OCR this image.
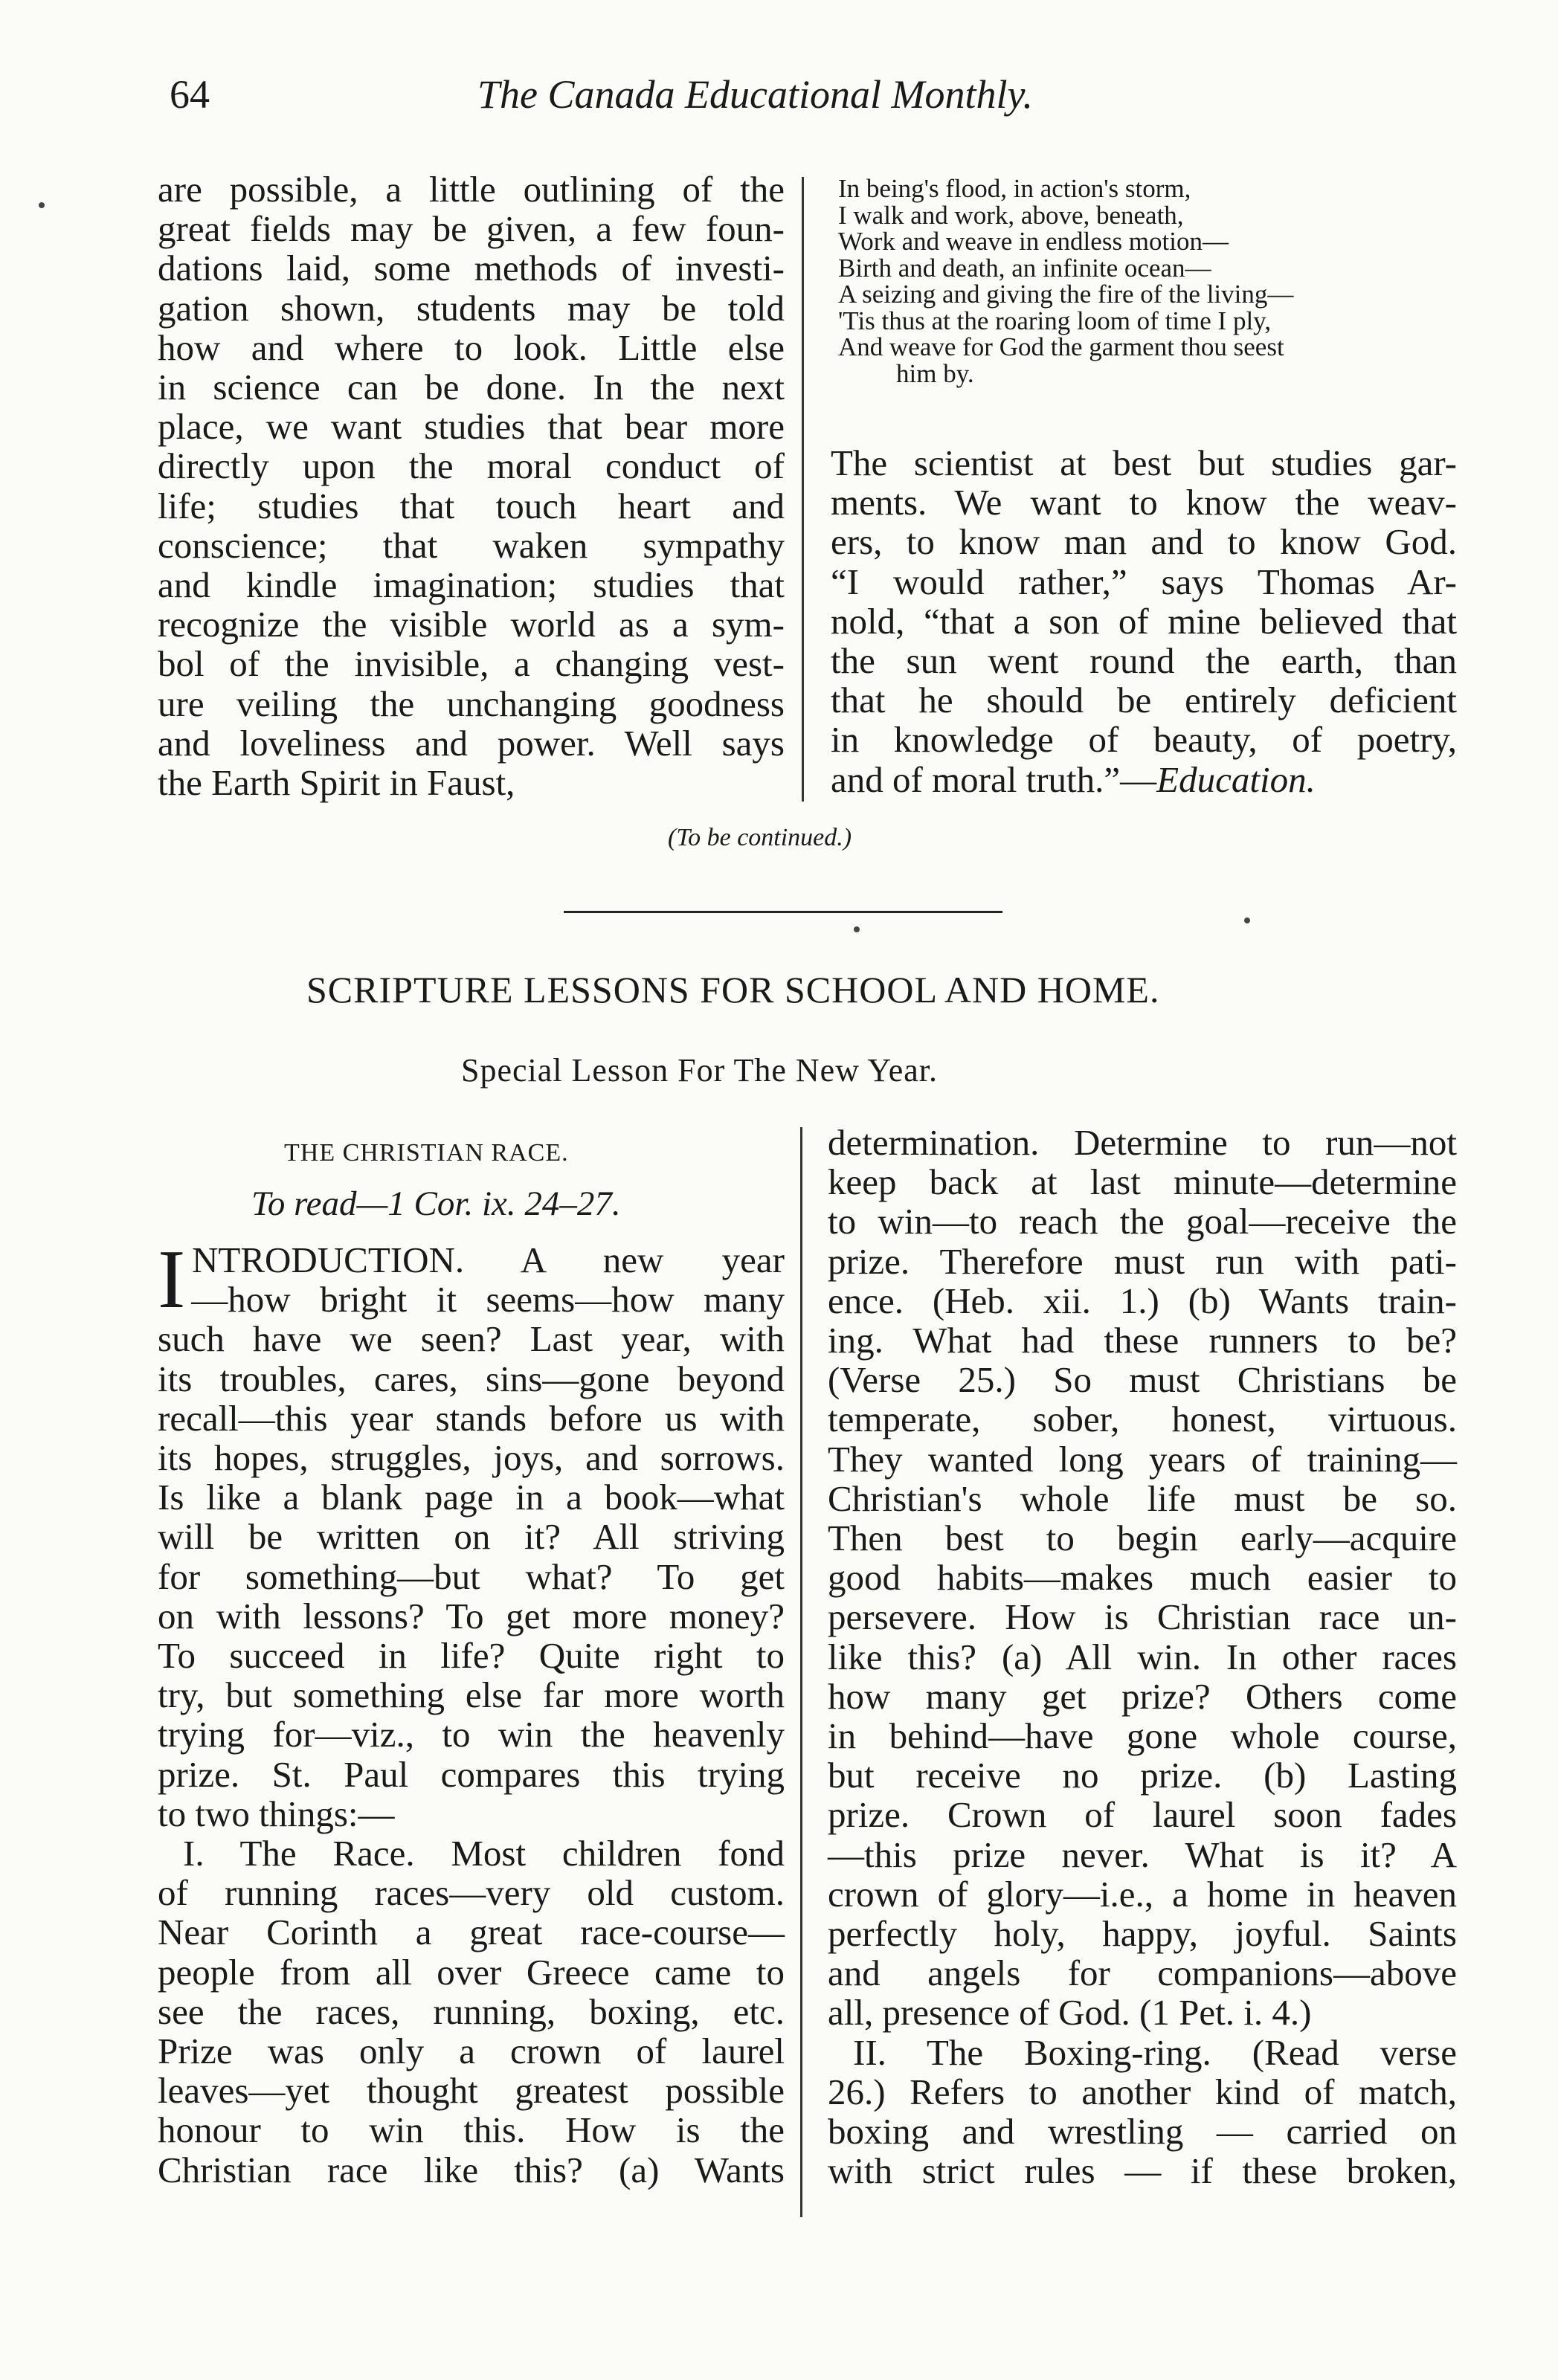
64	The Canada Educational Monthly.

are possible, a little outlining of the
great fields may be given, a few foun-
dations laid, some methods of investi-
gation shown, students may be told
how and where to look. Little else
in science can be done. In the next
place, we want studies that bear more
directly upon the moral conduct of
life; studies that touch heart and
conscience; that waken sympathy
and kindle imagination; studies that
recognize the visible world as a sym-
bol of the invisible, a changing vest-
ure veiling the unchanging goodness
and loveliness and power. Well says
the Earth Spirit in Faust,

In being's flood, in action's storm,
I walk and work, above, beneath,
Work and weave in endless motion—
Birth and death, an infinite ocean—
A seizing and giving the fire of the living—
'Tis thus at the roaring loom of time I ply,
And weave for God the garment thou seest
him by.

The scientist at best but studies gar-
ments. We want to know the weav-
ers, to know man and to know God.
“I would rather,” says Thomas Ar-
nold, “that a son of mine believed that
the sun went round the earth, than
that he should be entirely deficient
in knowledge of beauty, of poetry,

and of moral truth.”—Education.

(To be continued.)
SCRIPTURE LESSONS FOR SCHOOL AND HOME.
Special Lesson For The New Year.
THE CHRISTIAN RACE.
To read—1 Cor. ix. 24–27.

I NTRODUCTION. A new year
—how bright it seems—how many
such have we seen? Last year, with
its troubles, cares, sins—gone beyond
recall—this year stands before us with
its hopes, struggles, joys, and sorrows.
Is like a blank page in a book—what
will be written on it? All striving
for something—but what? To get
on with lessons? To get more money?
To succeed in life? Quite right to
try, but something else far more worth
trying for—viz., to win the heavenly
prize. St. Paul compares this trying
to two things:—

I. The Race. Most children fond
of running races—very old custom.
Near Corinth a great race-course—
people from all over Greece came to
see the races, running, boxing, etc.
Prize was only a crown of laurel
leaves—yet thought greatest possible
honour to win this. How is the
Christian race like this? (a) Wants

determination. Determine to run—not
keep back at last minute—determine
to win—to reach the goal—receive the
prize. Therefore must run with pati-
ence. (Heb. xii. 1.) (b) Wants train-
ing. What had these runners to be?
(Verse 25.) So must Christians be
temperate, sober, honest, virtuous.
They wanted long years of training—
Christian's whole life must be so.
Then best to begin early—acquire
good habits—makes much easier to
persevere. How is Christian race un-
like this? (a) All win. In other races
how many get prize? Others come
in behind—have gone whole course,
but receive no prize. (b) Lasting
prize. Crown of laurel soon fades
—this prize never. What is it? A
crown of glory—i.e., a home in heaven
perfectly holy, happy, joyful. Saints
and angels for companions—above
all, presence of God. (1 Pet. i. 4.)

II. The Boxing-ring. (Read verse
26.) Refers to another kind of match,
boxing and wrestling — carried on
with strict rules — if these broken,
